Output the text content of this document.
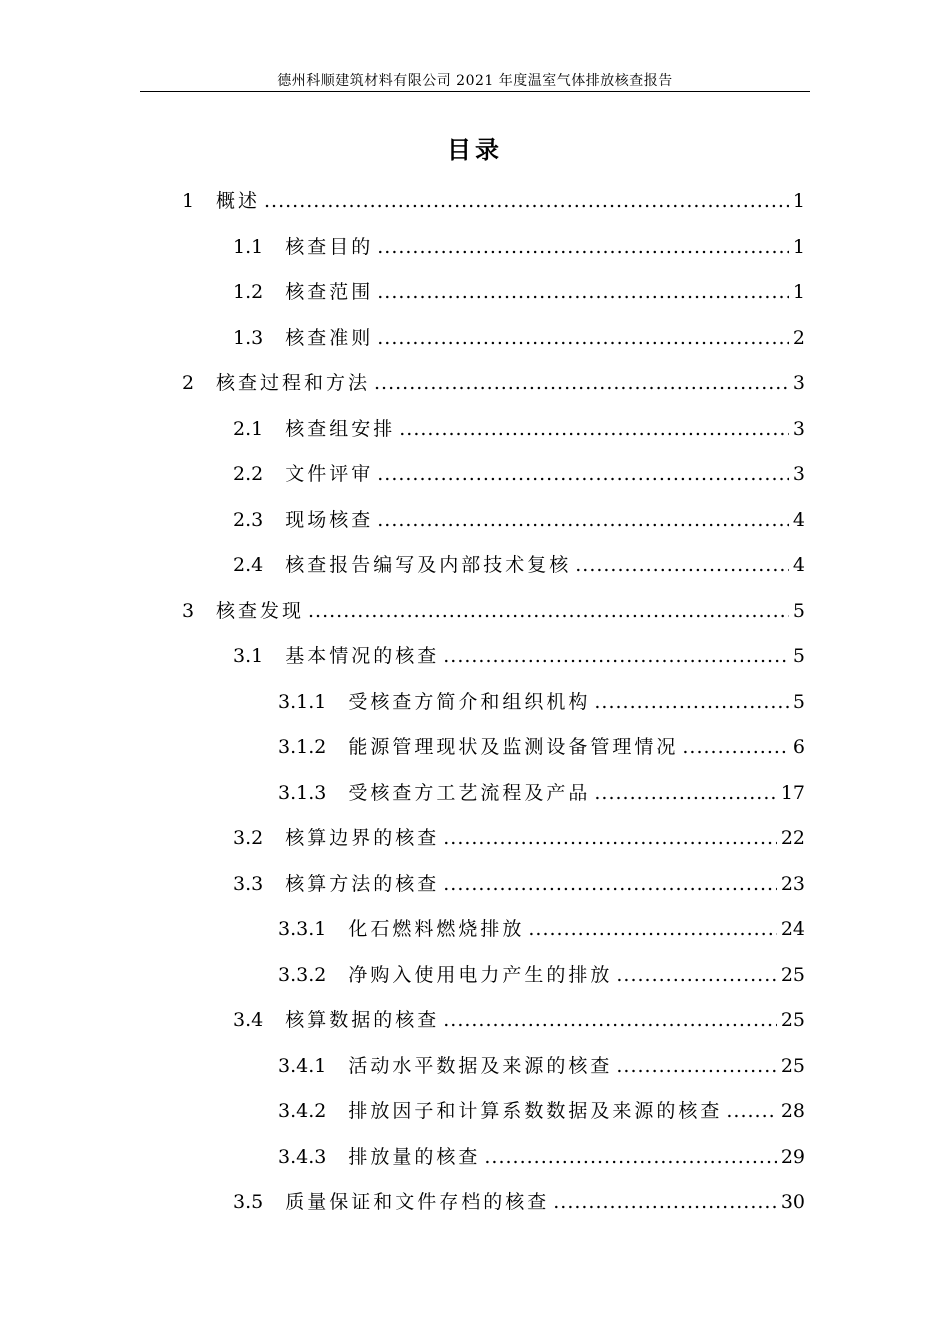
德州科顺建筑材料有限公司 2021 年度温室气体排放核查报告
目录
1	概述 .....	1
1.1	核查目的 .....	1
1.2	核查范围 .....	1
1.3	核查准则 .....	2
2	核查过程和方法 .....	3
2.1	核查组安排 .....	3
2.2	文件评审 .....	3
2.3	现场核查 .....	4
2.4	核查报告编写及内部技术复核 .....	4
3	核查发现 .....	5
3.1	基本情况的核查 .....	5
3.1.1	受核查方简介和组织机构 .....	5
3.1.2	能源管理现状及监测设备管理情况 .....	6
3.1.3	受核查方工艺流程及产品 .....	17
3.2	核算边界的核查 .....	22
3.3	核算方法的核查 .....	23
3.3.1	化石燃料燃烧排放 .....	24
3.3.2	净购入使用电力产生的排放 .....	25
3.4	核算数据的核查 .....	25
3.4.1	活动水平数据及来源的核查 .....	25
3.4.2	排放因子和计算系数数据及来源的核查 .....	28
3.4.3	排放量的核查 .....	29
3.5	质量保证和文件存档的核查 .....	30
